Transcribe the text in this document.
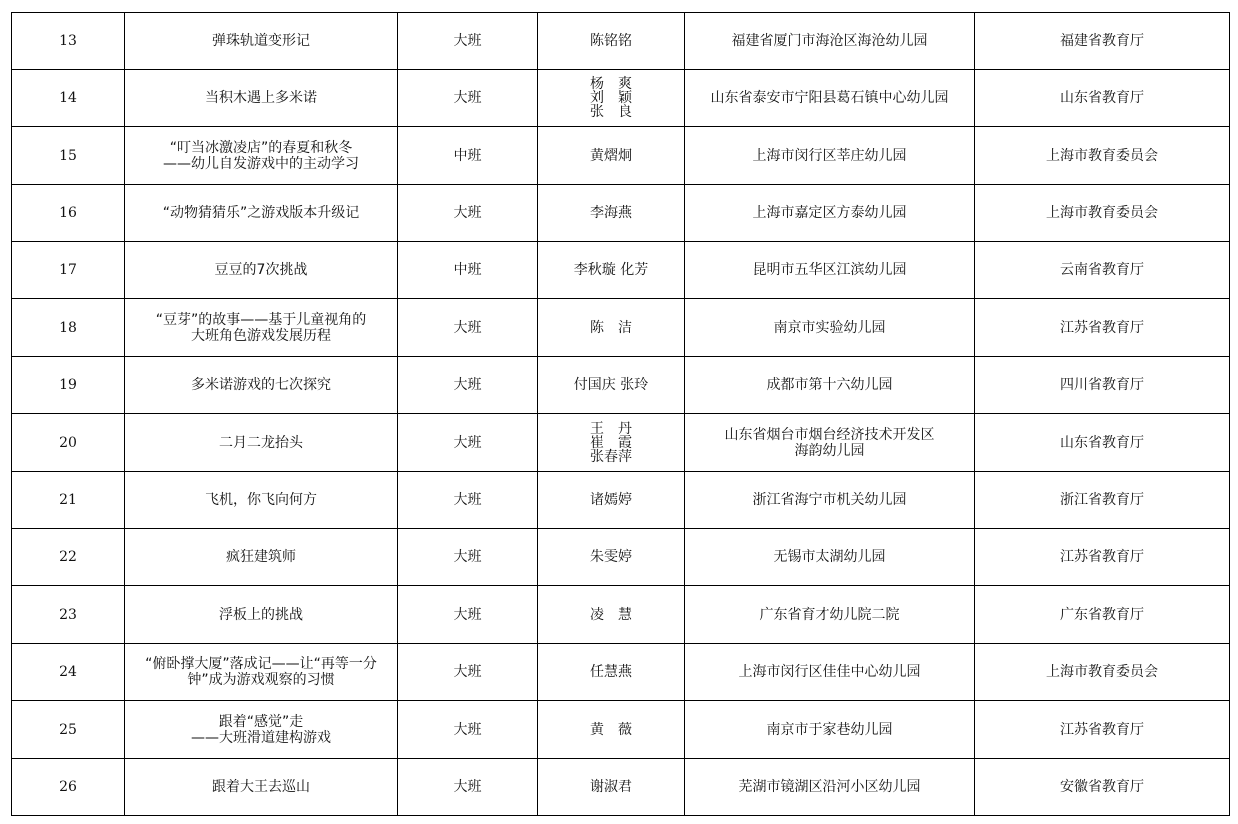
13	弹珠轨道变形记	大班	陈铭铭	福建省厦门市海沧区海沧幼儿园	福建省教育厅
14	当积木遇上多米诺	大班	杨　爽
刘　颖
张　良	山东省泰安市宁阳县葛石镇中心幼儿园	山东省教育厅
15	“叮当冰激凌店”的春夏和秋冬
——幼儿自发游戏中的主动学习	中班	黄熠炯	上海市闵行区莘庄幼儿园	上海市教育委员会
16	“动物猜猜乐”之游戏版本升级记	大班	李海燕	上海市嘉定区方泰幼儿园	上海市教育委员会
17	豆豆的7次挑战	中班	李秋璇 化芳	昆明市五华区江滨幼儿园	云南省教育厅
18	“豆芽”的故事——基于儿童视角的
大班角色游戏发展历程	大班	陈　洁	南京市实验幼儿园	江苏省教育厅
19	多米诺游戏的七次探究	大班	付国庆 张玲	成都市第十六幼儿园	四川省教育厅
20	二月二龙抬头	大班	王　丹
崔　霞
张春萍	山东省烟台市烟台经济技术开发区
海韵幼儿园	山东省教育厅
21	飞机，你飞向何方	大班	诸嫣婷	浙江省海宁市机关幼儿园	浙江省教育厅
22	疯狂建筑师	大班	朱雯婷	无锡市太湖幼儿园	江苏省教育厅
23	浮板上的挑战	大班	凌　慧	广东省育才幼儿院二院	广东省教育厅
24	“俯卧撑大厦”落成记——让“再等一分
钟”成为游戏观察的习惯	大班	任慧燕	上海市闵行区佳佳中心幼儿园	上海市教育委员会
25	跟着“感觉”走
——大班滑道建构游戏	大班	黄　薇	南京市于家巷幼儿园	江苏省教育厅
26	跟着大王去巡山	大班	谢淑君	芜湖市镜湖区沿河小区幼儿园	安徽省教育厅
